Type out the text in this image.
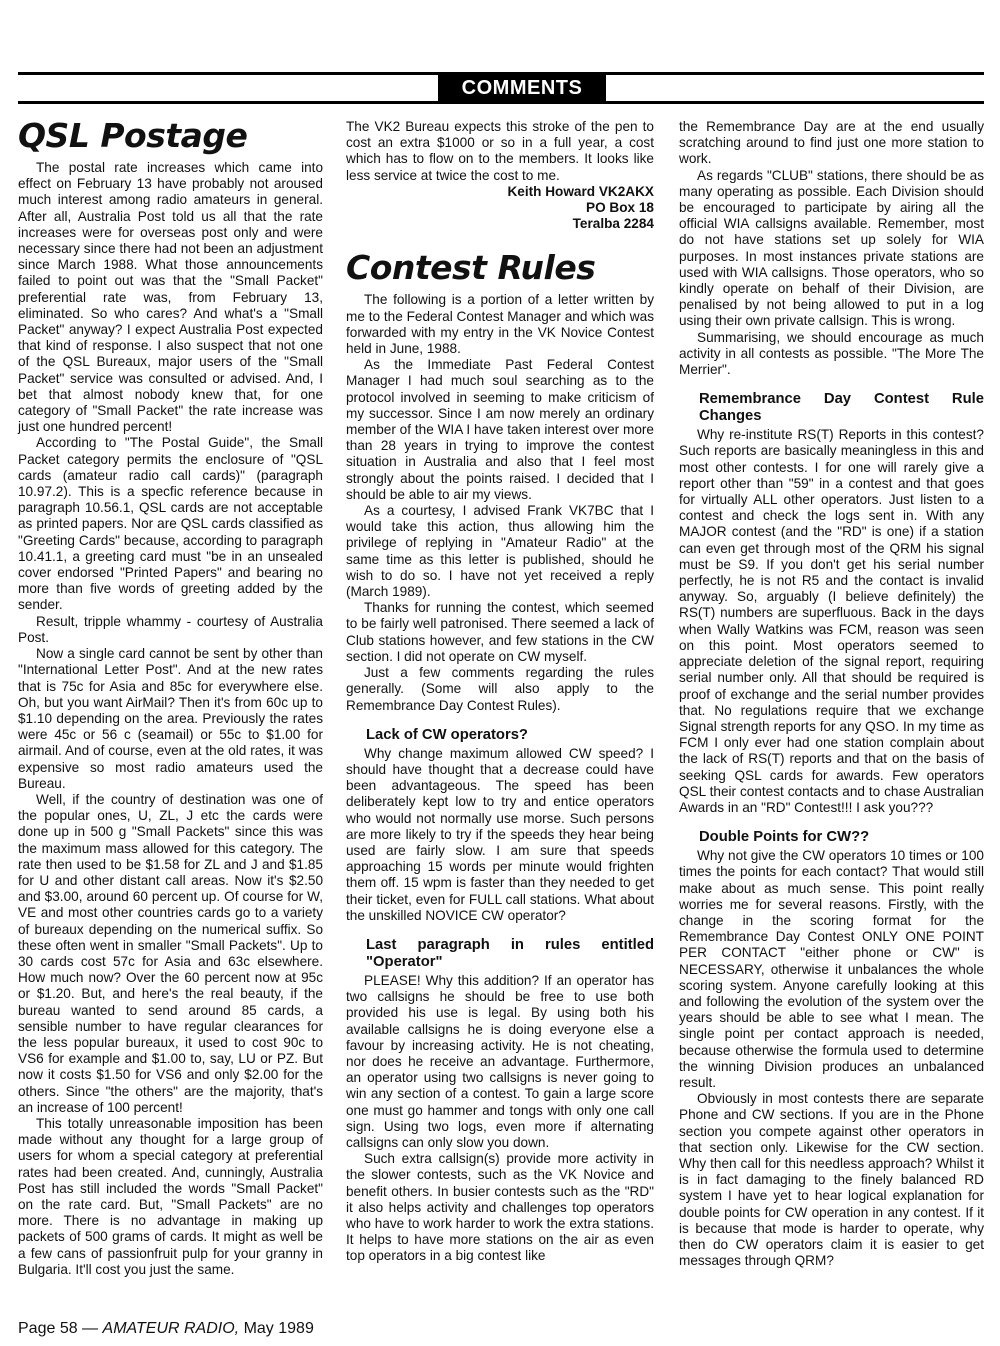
COMMENTS
QSL Postage

The postal rate increases which came into effect on February 13 have probably not aroused much interest among radio amateurs in general. After all, Australia Post told us all that the rate increases were for overseas post only and were necessary since there had not been an adjustment since March 1988. What those announcements failed to point out was that the "Small Packet" preferential rate was, from February 13, eliminated. So who cares? And what's a "Small Packet" anyway? I expect Australia Post expected that kind of response. I also suspect that not one of the QSL Bureaux, major users of the "Small Packet" service was consulted or advised. And, I bet that almost nobody knew that, for one category of "Small Packet" the rate increase was just one hundred percent!

According to "The Postal Guide", the Small Packet category permits the enclosure of "QSL cards (amateur radio call cards)" (paragraph 10.97.2). This is a specfic reference because in paragraph 10.56.1, QSL cards are not acceptable as printed papers. Nor are QSL cards classified as "Greeting Cards" because, according to paragraph 10.41.1, a greeting card must "be in an unsealed cover endorsed "Printed Papers" and bearing no more than five words of greeting added by the sender.

Result, tripple whammy - courtesy of Australia Post.

Now a single card cannot be sent by other than "International Letter Post". And at the new rates that is 75c for Asia and 85c for everywhere else. Oh, but you want AirMail? Then it's from 60c up to $1.10 depending on the area. Previously the rates were 45c or 56 c (seamail) or 55c to $1.00 for airmail. And of course, even at the old rates, it was expensive so most radio amateurs used the Bureau.

Well, if the country of destination was one of the popular ones, U, ZL, J etc the cards were done up in 500 g "Small Packets" since this was the maximum mass allowed for this category. The rate then used to be $1.58 for ZL and J and $1.85 for U and other distant call areas. Now it's $2.50 and $3.00, around 60 percent up. Of course for W, VE and most other countries cards go to a variety of bureaux depending on the numerical suffix. So these often went in smaller "Small Packets". Up to 30 cards cost 57c for Asia and 63c elsewhere. How much now? Over the 60 percent now at 95c or $1.20. But, and here's the real beauty, if the bureau wanted to send around 85 cards, a sensible number to have regular clearances for the less popular bureaux, it used to cost 90c to VS6 for example and $1.00 to, say, LU or PZ. But now it costs $1.50 for VS6 and only $2.00 for the others. Since "the others" are the majority, that's an increase of 100 percent!

This totally unreasonable imposition has been made without any thought for a large group of users for whom a special category at preferential rates had been created. And, cunningly, Australia Post has still included the words "Small Packet" on the rate card. But, "Small Packets" are no more. There is no advantage in making up packets of 500 grams of cards. It might as well be a few cans of passionfruit pulp for your granny in Bulgaria. It'll cost you just the same.

The VK2 Bureau expects this stroke of the pen to cost an extra $1000 or so in a full year, a cost which has to flow on to the members. It looks like less service at twice the cost to me.

Keith Howard VK2AKX
PO Box 18
Teralba 2284
Contest Rules

The following is a portion of a letter written by me to the Federal Contest Manager and which was forwarded with my entry in the VK Novice Contest held in June, 1988.

As the Immediate Past Federal Contest Manager I had much soul searching as to the protocol involved in seeming to make criticism of my successor. Since I am now merely an ordinary member of the WIA I have taken interest over more than 28 years in trying to improve the contest situation in Australia and also that I feel most strongly about the points raised. I decided that I should be able to air my views.

As a courtesy, I advised Frank VK7BC that I would take this action, thus allowing him the privilege of replying in "Amateur Radio" at the same time as this letter is published, should he wish to do so. I have not yet received a reply (March 1989).

Thanks for running the contest, which seemed to be fairly well patronised. There seemed a lack of Club stations however, and few stations in the CW section. I did not operate on CW myself.

Just a few comments regarding the rules generally. (Some will also apply to the Remembrance Day Contest Rules).

Lack of CW operators?

Why change maximum allowed CW speed? I should have thought that a decrease could have been advantageous. The speed has been deliberately kept low to try and entice operators who would not normally use morse. Such persons are more likely to try if the speeds they hear being used are fairly slow. I am sure that speeds approaching 15 words per minute would frighten them off. 15 wpm is faster than they needed to get their ticket, even for FULL call stations. What about the unskilled NOVICE CW operator?

Last paragraph in rules entitled "Operator"

PLEASE! Why this addition? If an operator has two callsigns he should be free to use both provided his use is legal. By using both his available callsigns he is doing everyone else a favour by increasing activity. He is not cheating, nor does he receive an advantage. Furthermore, an operator using two callsigns is never going to win any section of a contest. To gain a large score one must go hammer and tongs with only one call sign. Using two logs, even more if alternating callsigns can only slow you down.

Such extra callsign(s) provide more activity in the slower contests, such as the VK Novice and benefit others. In busier contests such as the "RD" it also helps activity and challenges top operators who have to work harder to work the extra stations. It helps to have more stations on the air as even top operators in a big contest like

the Remembrance Day are at the end usually scratching around to find just one more station to work.

As regards "CLUB" stations, there should be as many operating as possible. Each Division should be encouraged to participate by airing all the official WIA callsigns available. Remember, most do not have stations set up solely for WIA purposes. In most instances private stations are used with WIA callsigns. Those operators, who so kindly operate on behalf of their Division, are penalised by not being allowed to put in a log using their own private callsign. This is wrong.

Summarising, we should encourage as much activity in all contests as possible. "The More The Merrier".

Remembrance Day Contest Rule Changes

Why re-institute RS(T) Reports in this contest? Such reports are basically meaningless in this and most other contests. I for one will rarely give a report other than "59" in a contest and that goes for virtually ALL other operators. Just listen to a contest and check the logs sent in. With any MAJOR contest (and the "RD" is one) if a station can even get through most of the QRM his signal must be S9. If you don't get his serial number perfectly, he is not R5 and the contact is invalid anyway. So, arguably (I believe definitely) the RS(T) numbers are superfluous. Back in the days when Wally Watkins was FCM, reason was seen on this point. Most operators seemed to appreciate deletion of the signal report, requiring serial number only. All that should be required is proof of exchange and the serial number provides that. No regulations require that we exchange Signal strength reports for any QSO. In my time as FCM I only ever had one station complain about the lack of RS(T) reports and that on the basis of seeking QSL cards for awards. Few operators QSL their contest contacts and to chase Australian Awards in an "RD" Contest!!! I ask you???

Double Points for CW??

Why not give the CW operators 10 times or 100 times the points for each contact? That would still make about as much sense. This point really worries me for several reasons. Firstly, with the change in the scoring format for the Remembrance Day Contest ONLY ONE POINT PER CONTACT "either phone or CW" is NECESSARY, otherwise it unbalances the whole scoring system. Anyone carefully looking at this and following the evolution of the system over the years should be able to see what I mean. The single point per contact approach is needed, because otherwise the formula used to determine the winning Division produces an unbalanced result.

Obviously in most contests there are separate Phone and CW sections. If you are in the Phone section you compete against other operators in that section only. Likewise for the CW section. Why then call for this needless approach? Whilst it is in fact damaging to the finely balanced RD system I have yet to hear logical explanation for double points for CW operation in any contest. If it is because that mode is harder to operate, why then do CW operators claim it is easier to get messages through QRM?

Page 58 — AMATEUR RADIO, May 1989
